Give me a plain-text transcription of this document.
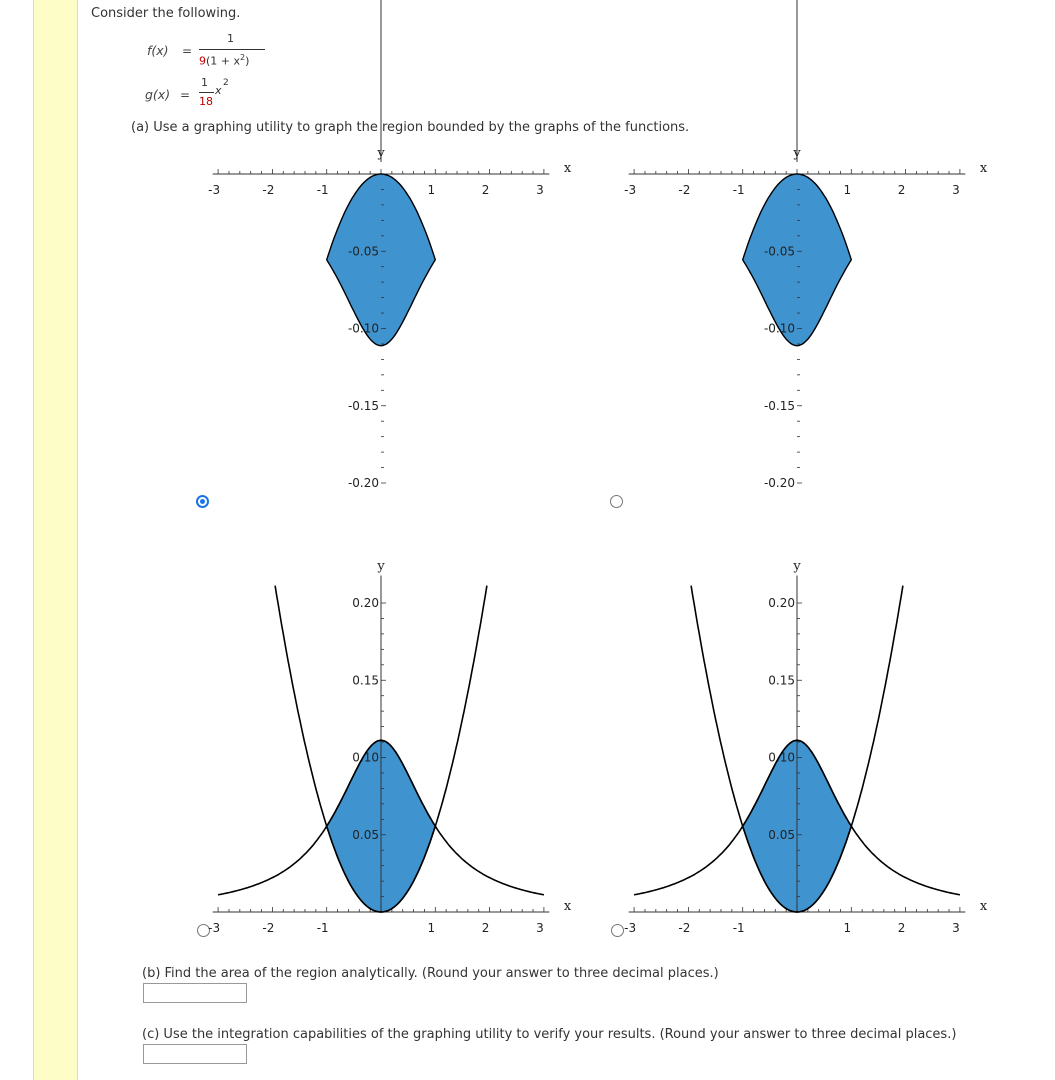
Consider the following.
f(x) =
1
$9(1 + x^2)$
g(x) =
1
18
x
2
(a) Use a graphing utility to graph the region bounded by the graphs of the functions.
-3	-2	-1	1	2	3
-0.05
-0.10
-0.15
-0.20
x
y
-3	-2	-1	1	2	3
-0.05
-0.10
-0.15
-0.20
x
y
-3	-2	-1	1	2	3
0.20
0.15
0.10
0.05
x
y
-3	-2	-1	1	2	3
0.20
0.15
0.10
0.05
x
y
(b) Find the area of the region analytically. (Round your answer to three decimal places.)
(c) Use the integration capabilities of the graphing utility to verify your results. (Round your answer to three decimal places.)
